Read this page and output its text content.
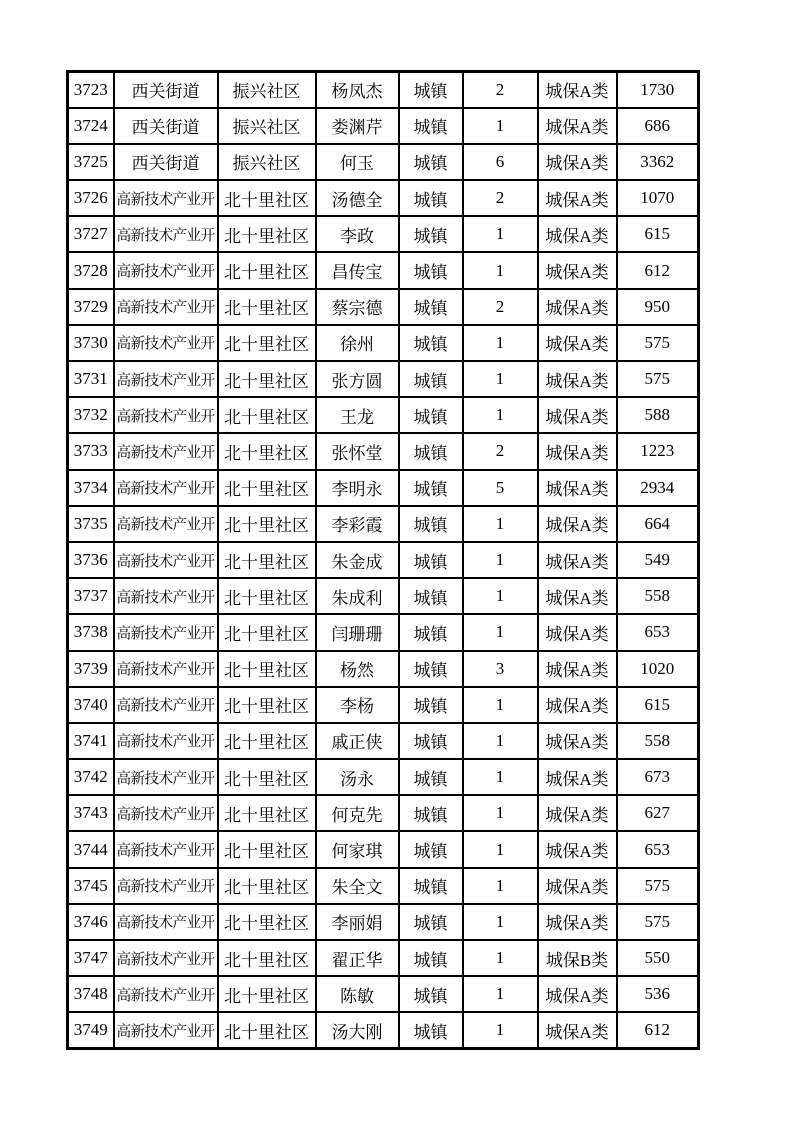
3723	西关街道	振兴社区	杨凤杰	城镇	2	城保A类	1730
3724	西关街道	振兴社区	娄渊芹	城镇	1	城保A类	686
3725	西关街道	振兴社区	何玉	城镇	6	城保A类	3362
3726	高新技术产业开	北十里社区	汤德全	城镇	2	城保A类	1070
3727	高新技术产业开	北十里社区	李政	城镇	1	城保A类	615
3728	高新技术产业开	北十里社区	昌传宝	城镇	1	城保A类	612
3729	高新技术产业开	北十里社区	蔡宗德	城镇	2	城保A类	950
3730	高新技术产业开	北十里社区	徐州	城镇	1	城保A类	575
3731	高新技术产业开	北十里社区	张方圆	城镇	1	城保A类	575
3732	高新技术产业开	北十里社区	王龙	城镇	1	城保A类	588
3733	高新技术产业开	北十里社区	张怀堂	城镇	2	城保A类	1223
3734	高新技术产业开	北十里社区	李明永	城镇	5	城保A类	2934
3735	高新技术产业开	北十里社区	李彩霞	城镇	1	城保A类	664
3736	高新技术产业开	北十里社区	朱金成	城镇	1	城保A类	549
3737	高新技术产业开	北十里社区	朱成利	城镇	1	城保A类	558
3738	高新技术产业开	北十里社区	闫珊珊	城镇	1	城保A类	653
3739	高新技术产业开	北十里社区	杨然	城镇	3	城保A类	1020
3740	高新技术产业开	北十里社区	李杨	城镇	1	城保A类	615
3741	高新技术产业开	北十里社区	戚正侠	城镇	1	城保A类	558
3742	高新技术产业开	北十里社区	汤永	城镇	1	城保A类	673
3743	高新技术产业开	北十里社区	何克先	城镇	1	城保A类	627
3744	高新技术产业开	北十里社区	何家琪	城镇	1	城保A类	653
3745	高新技术产业开	北十里社区	朱全文	城镇	1	城保A类	575
3746	高新技术产业开	北十里社区	李丽娟	城镇	1	城保A类	575
3747	高新技术产业开	北十里社区	翟正华	城镇	1	城保B类	550
3748	高新技术产业开	北十里社区	陈敏	城镇	1	城保A类	536
3749	高新技术产业开	北十里社区	汤大刚	城镇	1	城保A类	612
